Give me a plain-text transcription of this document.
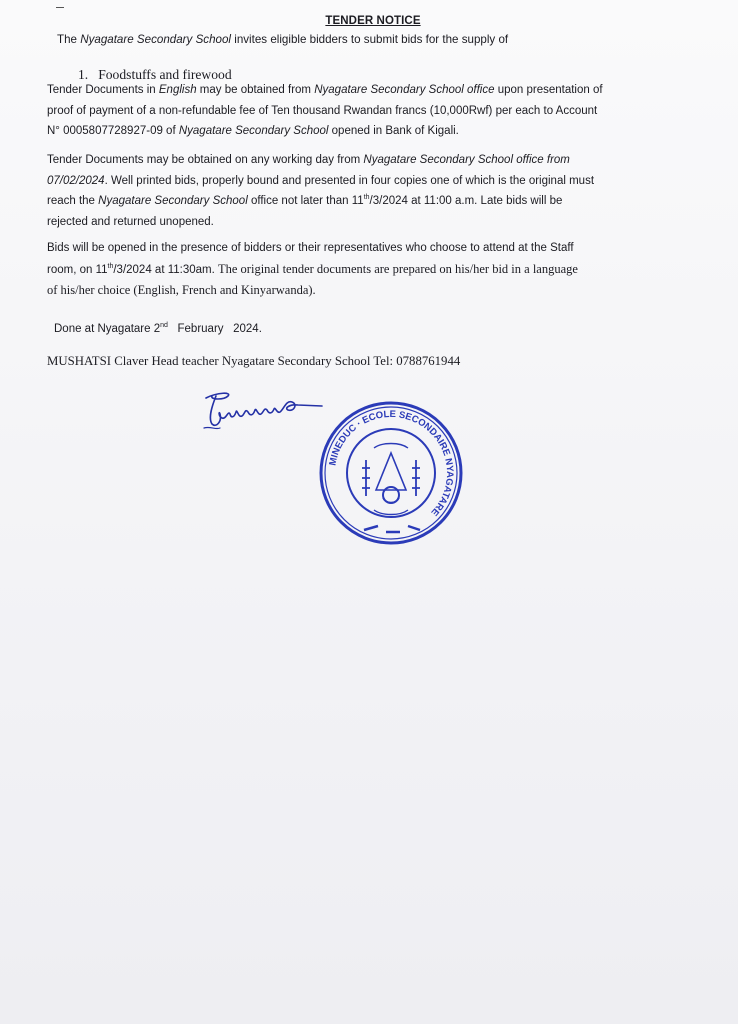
TENDER NOTICE
The Nyagatare Secondary School invites eligible bidders to submit bids for the supply of
1. Foodstuffs and firewood
Tender Documents in English may be obtained from Nyagatare Secondary School office upon presentation of
proof of payment of a non-refundable fee of Ten thousand Rwandan francs (10,000Rwf) per each to Account
N° 0005807728927-09 of Nyagatare Secondary School opened in Bank of Kigali.
Tender Documents may be obtained on any working day from Nyagatare Secondary School office from
07/02/2024. Well printed bids, properly bound and presented in four copies one of which is the original must
reach the Nyagatare Secondary School office not later than 11th/3/2024 at 11:00 a.m. Late bids will be
rejected and returned unopened.
Bids will be opened in the presence of bidders or their representatives who choose to attend at the Staff
room, on 11th/3/2024 at 11:30am. The original tender documents are prepared on his/her bid in a language
of his/her choice (English, French and Kinyarwanda).
Done at Nyagatare 2nd   February   2024.
MUSHATSI Claver Head teacher Nyagatare Secondary School Tel: 0788761944
MINEDUC · ECOLE SECONDAIRE NYAGATARE
